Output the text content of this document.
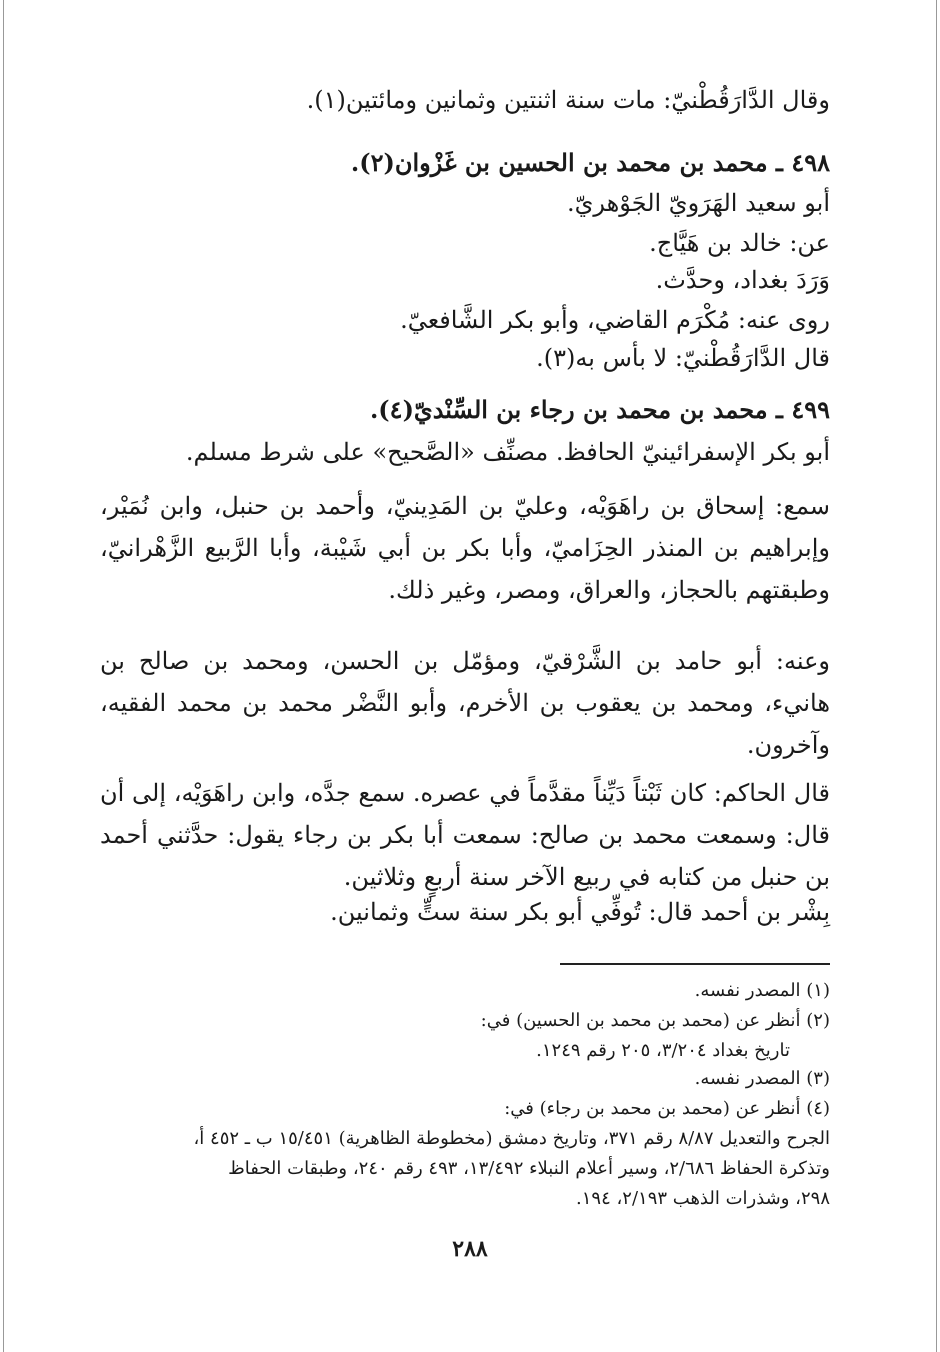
وقال الدَّارَقُطْنيّ: مات سنة اثنتين وثمانين ومائتين(١).
٤٩٨ ـ محمد بن محمد بن الحسين بن غَزْوان(٢).
أبو سعيد الهَرَويّ الجَوْهريّ.
عن: خالد بن هَيَّاج.
وَرَدَ بغداد، وحدَّث.
روى عنه: مُكْرَم القاضي، وأبو بكر الشَّافعيّ.
قال الدَّارَقُطْنيّ: لا بأس به(٣).
٤٩٩ ـ محمد بن محمد بن رجاء بن السِّنْديّ(٤).
أبو بكر الإسفرائينيّ الحافظ. مصنِّف «الصَّحيح» على شرط مسلم.
سمع: إسحاق بن راهَوَيْه، وعليّ بن المَدِينيّ، وأحمد بن حنبل، وابن نُمَيْر، وإبراهيم بن المنذر الحِزَاميّ، وأبا بكر بن أبي شَيْبة، وأبا الرَّبيع الزَّهْرانيّ، وطبقتهم بالحجاز، والعراق، ومصر، وغير ذلك.
وعنه: أبو حامد بن الشَّرْقيّ، ومؤمّل بن الحسن، ومحمد بن صالح بن هانيء، ومحمد بن يعقوب بن الأخرم، وأبو النَّضْر محمد بن محمد الفقيه، وآخرون.
قال الحاكم: كان ثَبْتاً دَيِّناً مقدَّماً في عصره. سمع جدَّه، وابن راهَوَيْه، إلى أن قال: وسمعت محمد بن صالح: سمعت أبا بكر بن رجاء يقول: حدَّثني أحمد بن حنبل من كتابه في ربيع الآخر سنة أربعٍ وثلاثين.
بِشْر بن أحمد قال: تُوفِّي أبو بكر سنة ستٍّ وثمانين.
(١) المصدر نفسه.
(٢) أنظر عن (محمد بن محمد بن الحسين) في:
تاريخ بغداد ٣/٢٠٤، ٢٠٥ رقم ١٢٤٩.
(٣) المصدر نفسه.
(٤) أنظر عن (محمد بن محمد بن رجاء) في:
الجرح والتعديل ٨/٨٧ رقم ٣٧١، وتاريخ دمشق (مخطوطة الظاهرية) ١٥/٤٥١ ب ـ ٤٥٢ أ،
وتذكرة الحفاظ ٢/٦٨٦، وسير أعلام النبلاء ١٣/٤٩٢، ٤٩٣ رقم ٢٤٠، وطبقات الحفاظ
٢٩٨، وشذرات الذهب ٢/١٩٣، ١٩٤.
٢٨٨
